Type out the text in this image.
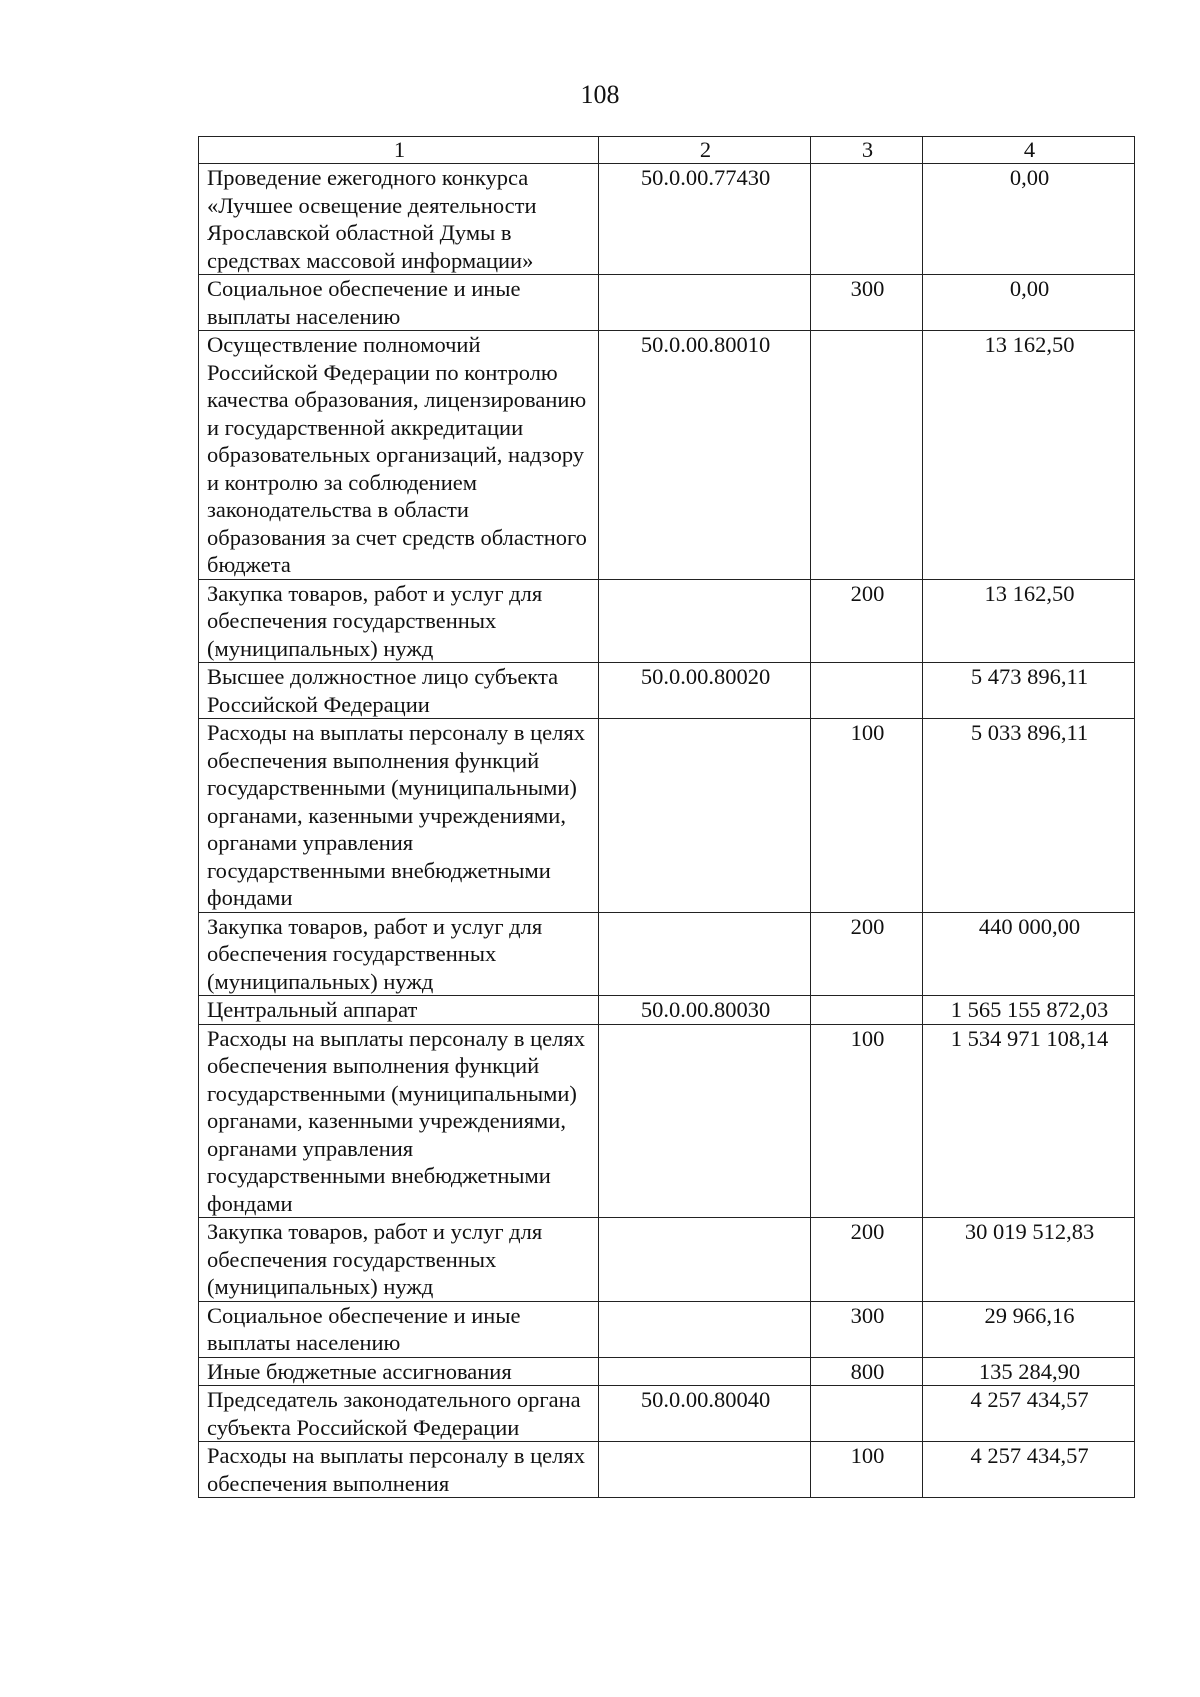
108
1	2	3	4
Проведение ежегодного конкурса «Лучшее освещение деятельности Ярославской областной Думы в средствах массовой информации»	50.0.00.77430		0,00
Социальное обеспечение и иные выплаты населению		300	0,00
Осуществление полномочий Российской Федерации по контролю качества образования, лицензированию и государственной аккредитации образовательных организаций, надзору и контролю за соблюдением законодательства в области образования за счет средств областного бюджета	50.0.00.80010		13 162,50
Закупка товаров, работ и услуг для обеспечения государственных (муниципальных) нужд		200	13 162,50
Высшее должностное лицо субъекта Российской Федерации	50.0.00.80020		5 473 896,11
Расходы на выплаты персоналу в целях обеспечения выполнения функций государственными (муниципальными) органами, казенными учреждениями, органами управления государственными внебюджетными фондами		100	5 033 896,11
Закупка товаров, работ и услуг для обеспечения государственных (муниципальных) нужд		200	440 000,00
Центральный аппарат	50.0.00.80030		1 565 155 872,03
Расходы на выплаты персоналу в целях обеспечения выполнения функций государственными (муниципальными) органами, казенными учреждениями, органами управления государственными внебюджетными фондами		100	1 534 971 108,14
Закупка товаров, работ и услуг для обеспечения государственных (муниципальных) нужд		200	30 019 512,83
Социальное обеспечение и иные выплаты населению		300	29 966,16
Иные бюджетные ассигнования		800	135 284,90
Председатель законодательного органа субъекта Российской Федерации	50.0.00.80040		4 257 434,57
Расходы на выплаты персоналу в целях обеспечения выполнения		100	4 257 434,57
